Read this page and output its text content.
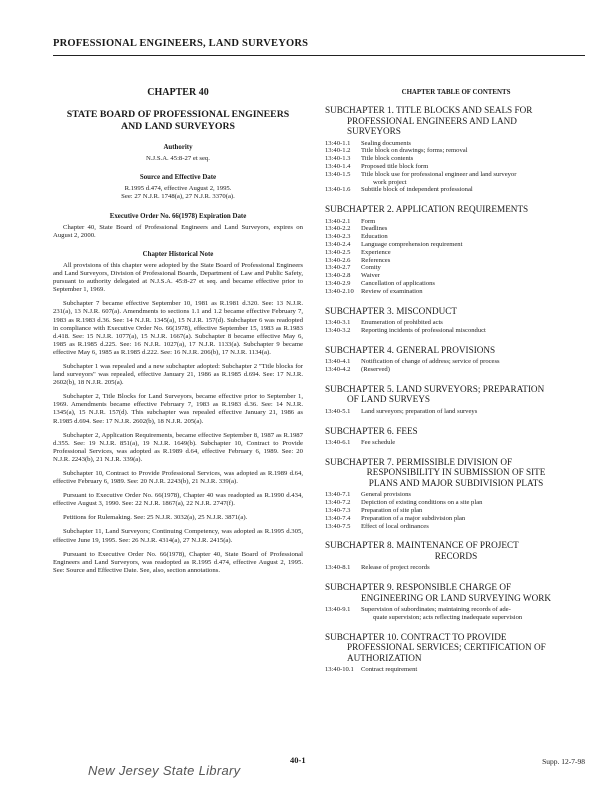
PROFESSIONAL ENGINEERS, LAND SURVEYORS
CHAPTER 40
STATE BOARD OF PROFESSIONAL ENGINEERS
AND LAND SURVEYORS
Authority
N.J.S.A. 45:8-27 et seq.
Source and Effective Date
R.1995 d.474, effective August 2, 1995.
See: 27 N.J.R. 1748(a), 27 N.J.R. 3370(a).
Executive Order No. 66(1978) Expiration Date
Chapter 40, State Board of Professional Engineers and Land Surveyors, expires on August 2, 2000.
Chapter Historical Note
All provisions of this chapter were adopted by the State Board of Professional Engineers and Land Surveyors, Division of Professional Boards, Department of Law and Public Safety, pursuant to authority delegated at N.J.S.A. 45:8-27 et seq. and became effective prior to September 1, 1969.
Subchapter 7 became effective September 10, 1981 as R.1981 d.320. See: 13 N.J.R. 231(a), 13 N.J.R. 607(a). Amendments to sections 1.1 and 1.2 became effective February 7, 1983 as R.1983 d.36. See: 14 N.J.R. 1345(a), 15 N.J.R. 157(d). Subchapter 6 was readopted in compliance with Executive Order No. 66(1978), effective September 15, 1983 as R.1983 d.418. See: 15 N.J.R. 1077(a), 15 N.J.R. 1667(a). Subchapter 8 became effective May 6, 1985 as R.1985 d.225. See: 16 N.J.R. 1027(a), 17 N.J.R. 1133(a). Subchapter 9 became effective May 6, 1985 as R.1985 d.222. See: 16 N.J.R. 206(b), 17 N.J.R. 1134(a).
Subchapter 1 was repealed and a new subchapter adopted: Subchapter 2 "Title blocks for land surveyors" was repealed, effective January 21, 1986 as R.1985 d.694. See: 17 N.J.R. 2602(b), 18 N.J.R. 205(a).
Subchapter 2, Title Blocks for Land Surveyors, became effective prior to September 1, 1969. Amendments became effective February 7, 1983 as R.1983 d.36. See: 14 N.J.R. 1345(a), 15 N.J.R. 157(d). This subchapter was repealed effective January 21, 1986 as R.1985 d.694. See: 17 N.J.R. 2602(b), 18 N.J.R. 205(a).
Subchapter 2, Application Requirements, became effective September 8, 1987 as R.1987 d.355. See: 19 N.J.R. 851(a), 19 N.J.R. 1649(b). Subchapter 10, Contract to Provide Professional Services, was adopted as R.1989 d.64, effective February 6, 1989. See: 20 N.J.R. 2243(b), 21 N.J.R. 339(a).
Subchapter 10, Contract to Provide Professional Services, was adopted as R.1989 d.64, effective February 6, 1989. See: 20 N.J.R. 2243(b), 21 N.J.R. 339(a).
Pursuant to Executive Order No. 66(1978), Chapter 40 was readopted as R.1990 d.434, effective August 3, 1990. See: 22 N.J.R. 1867(a), 22 N.J.R. 2747(f).
Petitions for Rulemaking. See: 25 N.J.R. 3032(a), 25 N.J.R. 3871(a).
Subchapter 11, Land Surveyors; Continuing Competency, was adopted as R.1995 d.305, effective June 19, 1995. See: 26 N.J.R. 4314(a), 27 N.J.R. 2415(a).
Pursuant to Executive Order No. 66(1978), Chapter 40, State Board of Professional Engineers and Land Surveyors, was readopted as R.1995 d.474, effective August 2, 1995. See: Source and Effective Date. See, also, section annotations.
CHAPTER TABLE OF CONTENTS
SUBCHAPTER 1. TITLE BLOCKS AND SEALS FOR
PROFESSIONAL ENGINEERS AND LAND
SURVEYORS
13:40-1.1	Sealing documents
13:40-1.2	Title block on drawings; forms; removal
13:40-1.3	Title block contents
13:40-1.4	Proposed title block form
13:40-1.5	Title block use for professional engineer and land surveyor
work project
13:40-1.6	Subtitle block of independent professional
SUBCHAPTER 2. APPLICATION REQUIREMENTS
13:40-2.1	Form
13:40-2.2	Deadlines
13:40-2.3	Education
13:40-2.4	Language comprehension requirement
13:40-2.5	Experience
13:40-2.6	References
13:40-2.7	Comity
13:40-2.8	Waiver
13:40-2.9	Cancellation of applications
13:40-2.10	Review of examination
SUBCHAPTER 3. MISCONDUCT
13:40-3.1	Enumeration of prohibited acts
13:40-3.2	Reporting incidents of professional misconduct
SUBCHAPTER 4. GENERAL PROVISIONS
13:40-4.1	Notification of change of address; service of process
13:40-4.2	(Reserved)
SUBCHAPTER 5. LAND SURVEYORS; PREPARATION
OF LAND SURVEYS
13:40-5.1	Land surveyors; preparation of land surveys
SUBCHAPTER 6. FEES
13:40-6.1	Fee schedule
SUBCHAPTER 7. PERMISSIBLE DIVISION OF
RESPONSIBILITY IN SUBMISSION OF SITE
PLANS AND MAJOR SUBDIVISION PLATS
13:40-7.1	General provisions
13:40-7.2	Depiction of existing conditions on a site plan
13:40-7.3	Preparation of site plan
13:40-7.4	Preparation of a major subdivision plan
13:40-7.5	Effect of local ordinances
SUBCHAPTER 8. MAINTENANCE OF PROJECT
RECORDS
13:40-8.1	Release of project records
SUBCHAPTER 9. RESPONSIBLE CHARGE OF
ENGINEERING OR LAND SURVEYING WORK
13:40-9.1	Supervision of subordinates; maintaining records of ade-
quate supervision; acts reflecting inadequate supervision
SUBCHAPTER 10. CONTRACT TO PROVIDE
PROFESSIONAL SERVICES; CERTIFICATION OF
AUTHORIZATION
13:40-10.1	Contract requirement
40-1	Supp. 12-7-98
New Jersey State Library
